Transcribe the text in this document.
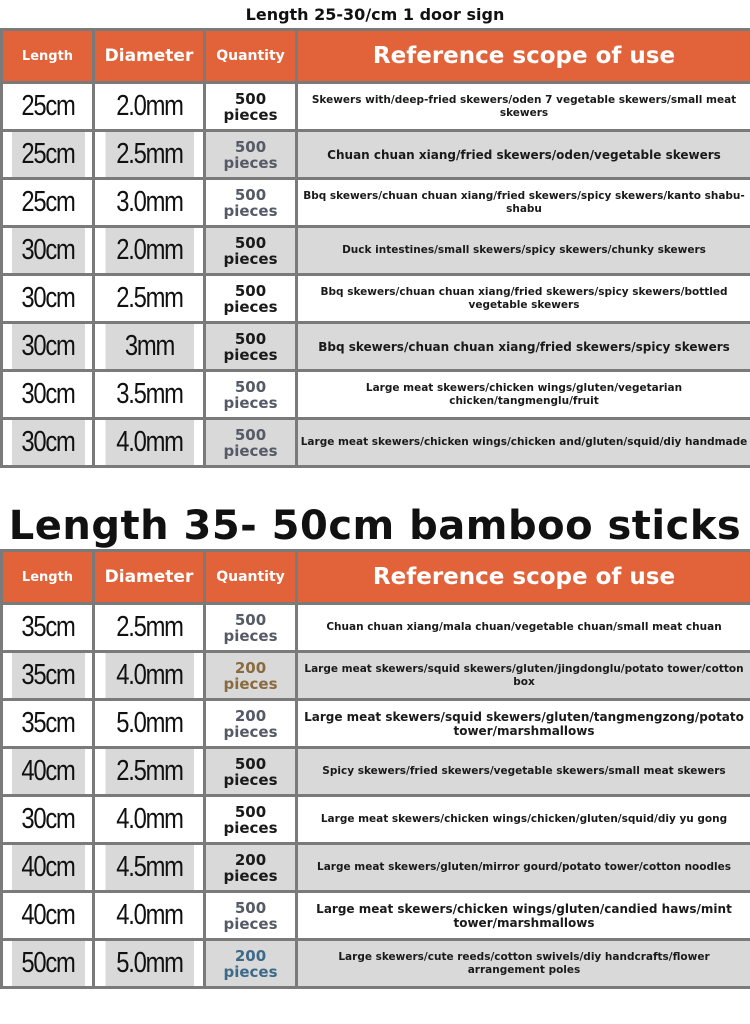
Length 25-30/cm 1 door sign
Length	Diameter	Quantity	Reference scope of use
25cm	2.0mm	500 pieces	Skewers with/deep-fried skewers/oden 7 vegetable skewers/small meat skewers
25cm	2.5mm	500 pieces	Chuan chuan xiang/fried skewers/oden/vegetable skewers
25cm	3.0mm	500 pieces	Bbq skewers/chuan chuan xiang/fried skewers/spicy skewers/kanto shabu-shabu
30cm	2.0mm	500 pieces	Duck intestines/small skewers/spicy skewers/chunky skewers
30cm	2.5mm	500 pieces	Bbq skewers/chuan chuan xiang/fried skewers/spicy skewers/bottled vegetable skewers
30cm	3mm	500 pieces	Bbq skewers/chuan chuan xiang/fried skewers/spicy skewers
30cm	3.5mm	500 pieces	Large meat skewers/chicken wings/gluten/vegetarian chicken/tangmenglu/fruit
30cm	4.0mm	500 pieces	Large meat skewers/chicken wings/chicken and/gluten/squid/diy handmade
Length 35- 50cm bamboo sticks
Length	Diameter	Quantity	Reference scope of use
35cm	2.5mm	500 pieces	Chuan chuan xiang/mala chuan/vegetable chuan/small meat chuan
35cm	4.0mm	200 pieces	Large meat skewers/squid skewers/gluten/jingdonglu/potato tower/cotton box
35cm	5.0mm	200 pieces	Large meat skewers/squid skewers/gluten/tangmengzong/potato tower/marshmallows
40cm	2.5mm	500 pieces	Spicy skewers/fried skewers/vegetable skewers/small meat skewers
30cm	4.0mm	500 pieces	Large meat skewers/chicken wings/chicken/gluten/squid/diy yu gong
40cm	4.5mm	200 pieces	Large meat skewers/gluten/mirror gourd/potato tower/cotton noodles
40cm	4.0mm	500 pieces	Large meat skewers/chicken wings/gluten/candied haws/mint tower/marshmallows
50cm	5.0mm	200 pieces	Large skewers/cute reeds/cotton swivels/diy handcrafts/flower arrangement poles
